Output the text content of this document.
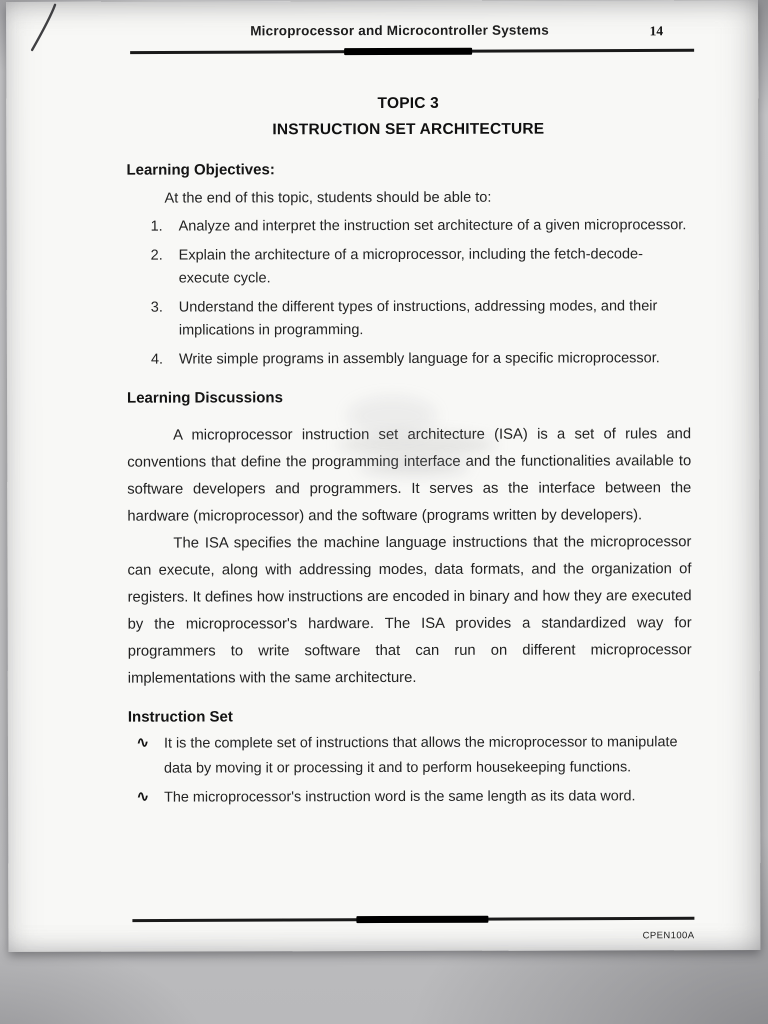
Microprocessor and Microcontroller Systems	14
TOPIC 3
INSTRUCTION SET ARCHITECTURE
Learning Objectives:

At the end of this topic, students should be able to:

1. Analyze and interpret the instruction set architecture of a given microprocessor.
2. Explain the architecture of a microprocessor, including the fetch-decode-execute cycle.
3. Understand the different types of instructions, addressing modes, and their implications in programming.
4. Write simple programs in assembly language for a specific microprocessor.
Learning Discussions

A microprocessor instruction set architecture (ISA) is a set of rules and conventions that define the programming interface and the functionalities available to software developers and programmers. It serves as the interface between the hardware (microprocessor) and the software (programs written by developers).

The ISA specifies the machine language instructions that the microprocessor can execute, along with addressing modes, data formats, and the organization of registers. It defines how instructions are encoded in binary and how they are executed by the microprocessor's hardware. The ISA provides a standardized way for programmers to write software that can run on different microprocessor implementations with the same architecture.

Instruction Set
∿ It is the complete set of instructions that allows the microprocessor to manipulate data by moving it or processing it and to perform housekeeping functions.
∿ The microprocessor's instruction word is the same length as its data word.
CPEN100A
